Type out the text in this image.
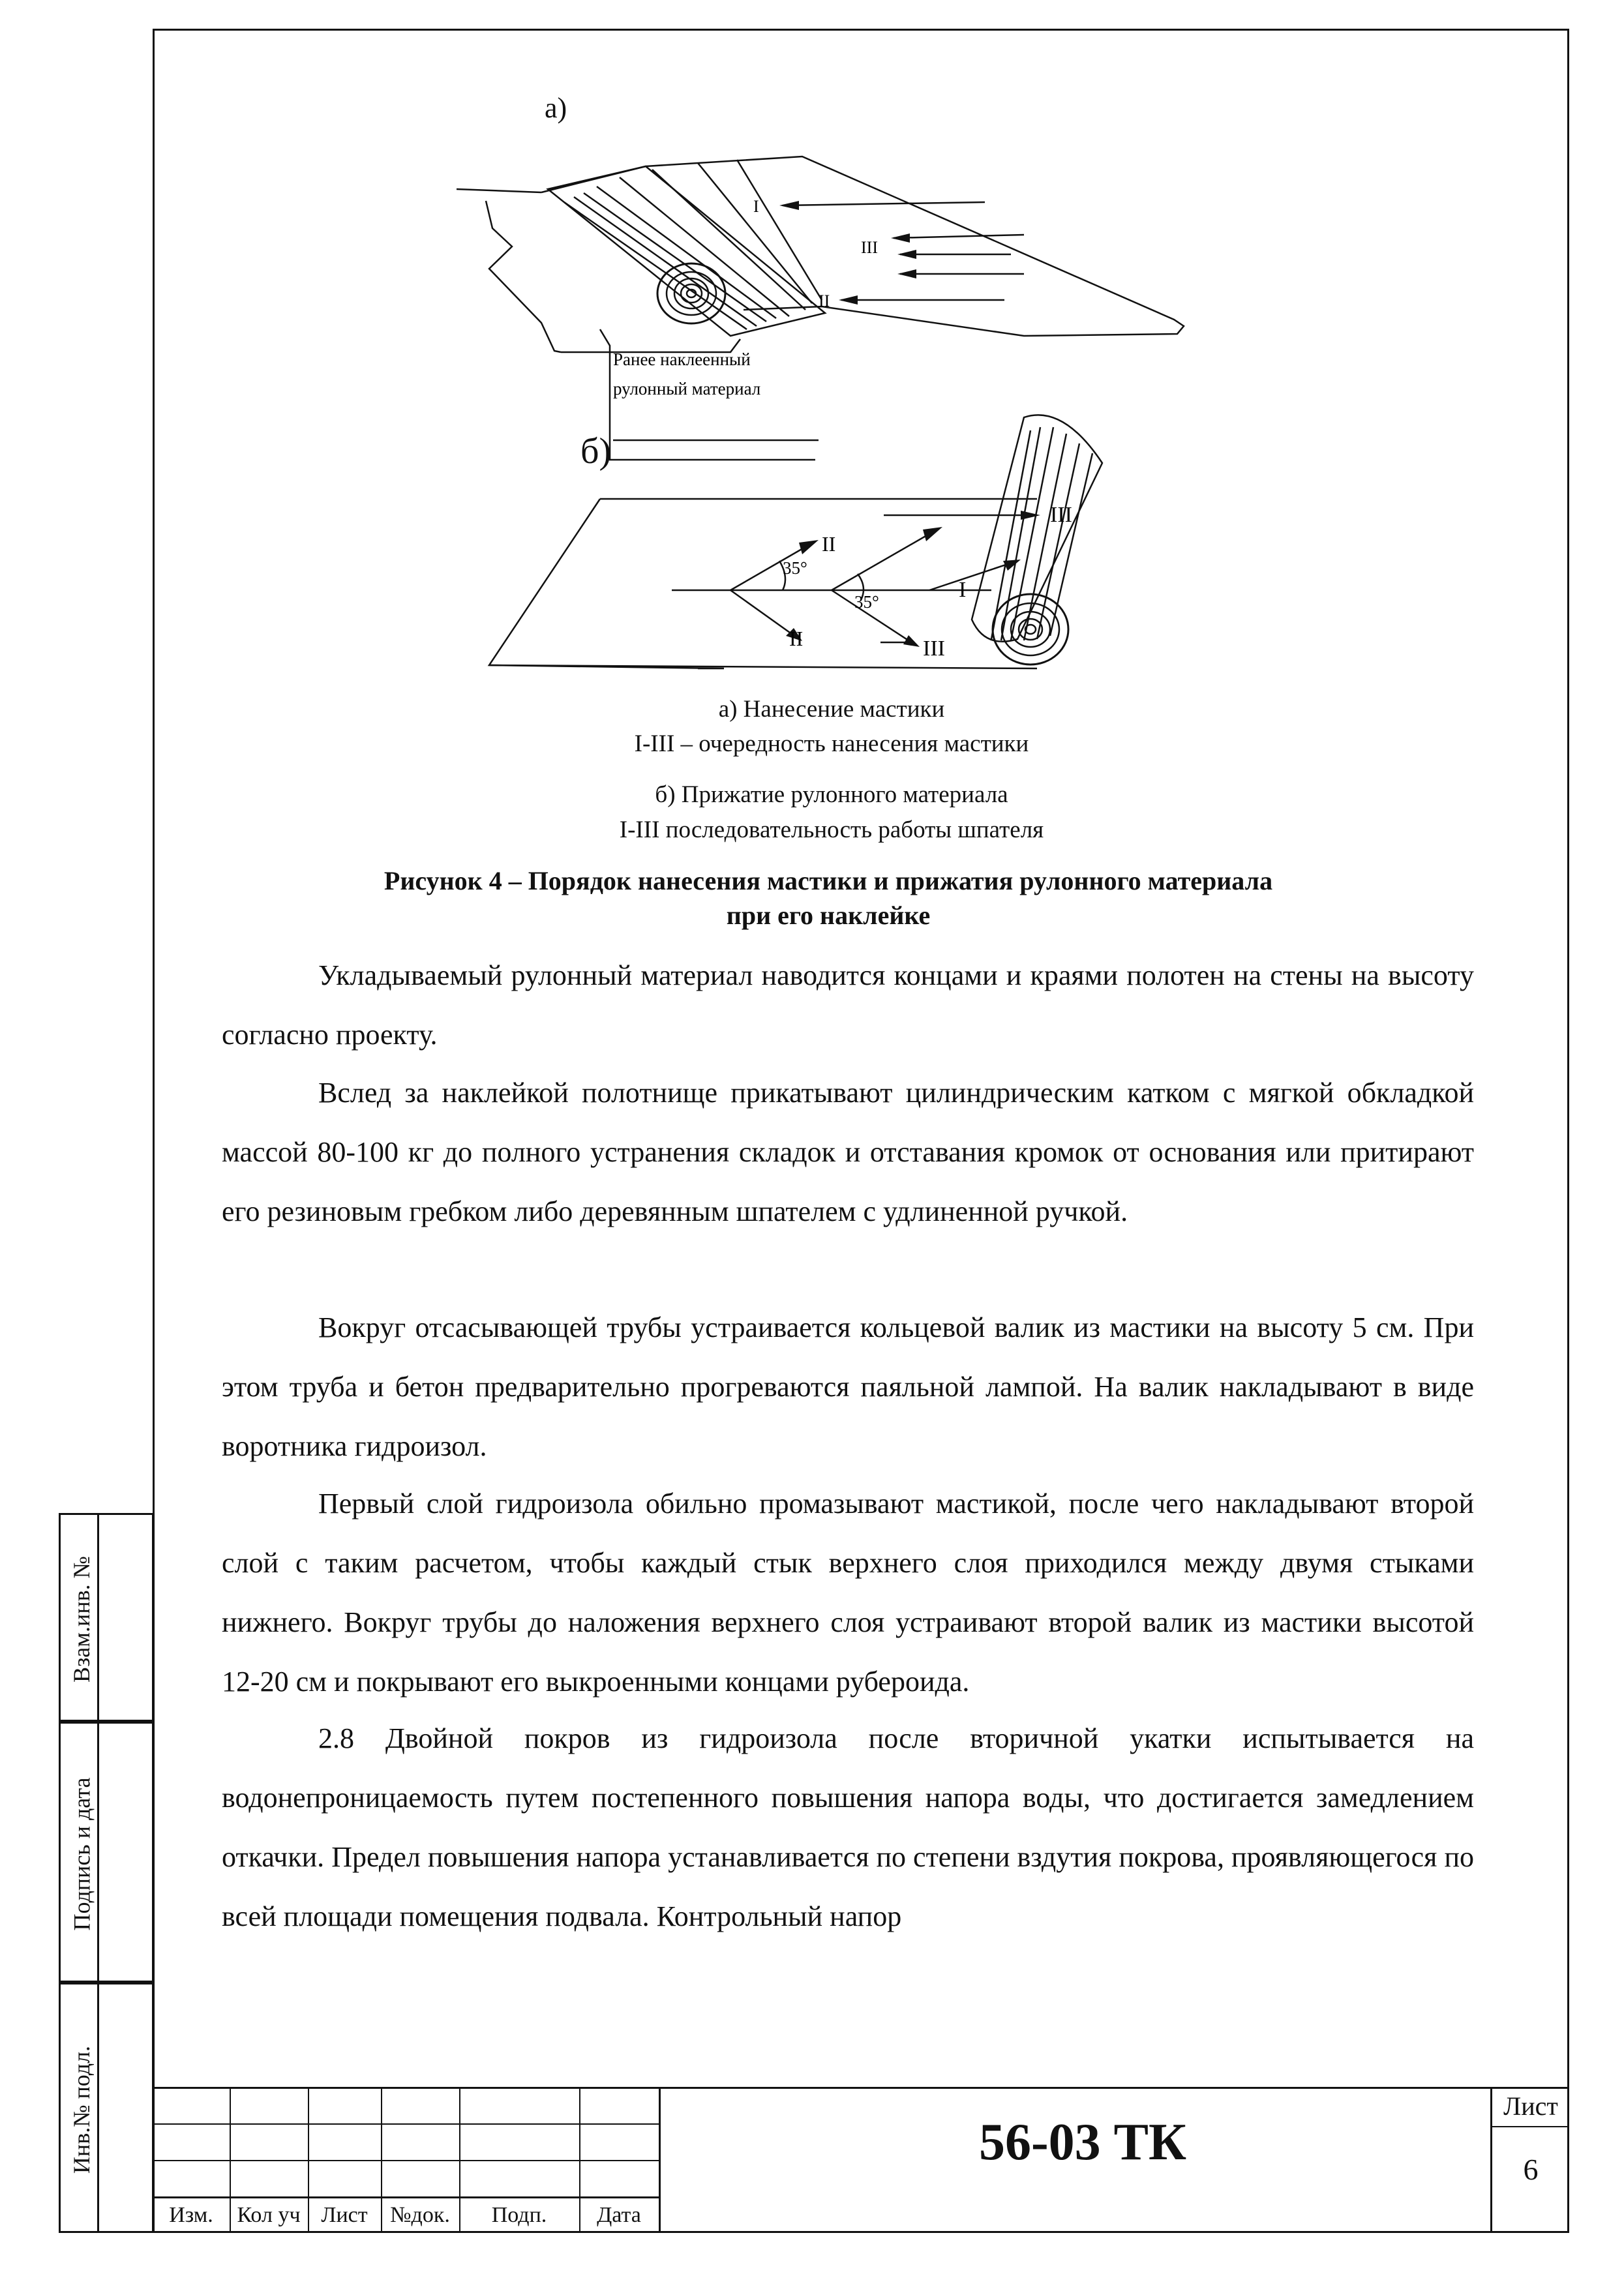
Взам.инв. №
Подпись и дата
Инв.№ подл.
а)
б)
I
III
II
Ранее наклеенный
рулонный материал
III
II
I
II	III
35°
35°
а) Нанесение мастики
I-III – очередность нанесения мастики
б) Прижатие рулонного материала
I-III последовательность работы шпателя
Рисунок 4 – Порядок нанесения мастики и прижатия рулонного материала
при его наклейке

Укладываемый рулонный материал наводится концами и краями полотен на стены на высоту согласно проекту.

Вслед за наклейкой полотнище прикатывают цилиндрическим катком с мягкой обкладкой массой 80-100 кг до полного устранения складок и отставания кромок от основания или притирают его резиновым гребком либо деревянным шпателем с удлиненной ручкой.

Вокруг отсасывающей трубы устраивается кольцевой валик из мастики на высоту 5 см. При этом труба и бетон предварительно прогреваются паяльной лампой. На валик накладывают в виде воротника гидроизол.

Первый слой гидроизола обильно промазывают мастикой, после чего накладывают второй слой с таким расчетом, чтобы каждый стык верхнего слоя приходился между двумя стыками нижнего. Вокруг трубы до наложения верхнего слоя устраивают второй валик из мастики высотой 12-20 см и покрывают его выкроенными концами рубероида.

2.8 Двойной покров из гидроизола после вторичной укатки испытывается на водонепроницаемость путем постепенного повышения напора воды, что достигается замедлением откачки. Предел повышения напора устанавливается по степени вздутия покрова, проявляющегося по всей площади помещения подвала. Контрольный напор

Изм.	Кол уч Лист	№док.	Подп.	Дата
56-03 ТК
Лист
6
